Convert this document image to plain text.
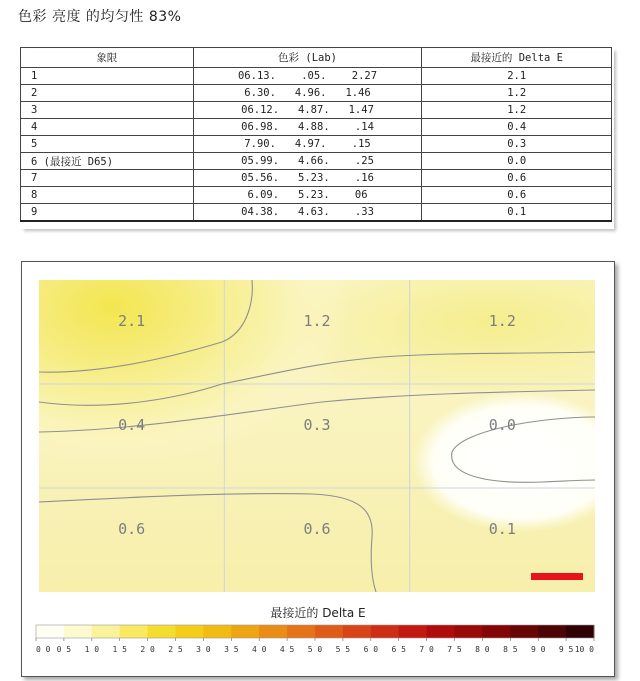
色彩 亮度 的均匀性 83%
象限	色彩 (Lab)	最接近的 Delta E
1	06.13.    .05.    2.27	2.1
2	6.30.   4.96.   1.46	1.2
3	06.12.   4.87.   1.47	1.2
4	06.98.   4.88.    .14	0.4
5	7.90.   4.97.    .15	0.3
6 (最接近 D65)	05.99.   4.66.    .25	0.0
7	05.56.   5.23.    .16	0.6
8	6.09.   5.23.    06	0.6
9	04.38.   4.63.    .33	0.1
2.1	1.2	1.2
0.4	0.3	0.0
0.6	0.6	0.1
最接近的 Delta E
0 0 0 5 1 0 1 5 2 0 2 5 3 0 3 5 4 0 4 5 5 0 5 5 6 0 6 5 7 0 7 5 8 0 8 5 9 0 9 5 10 0
